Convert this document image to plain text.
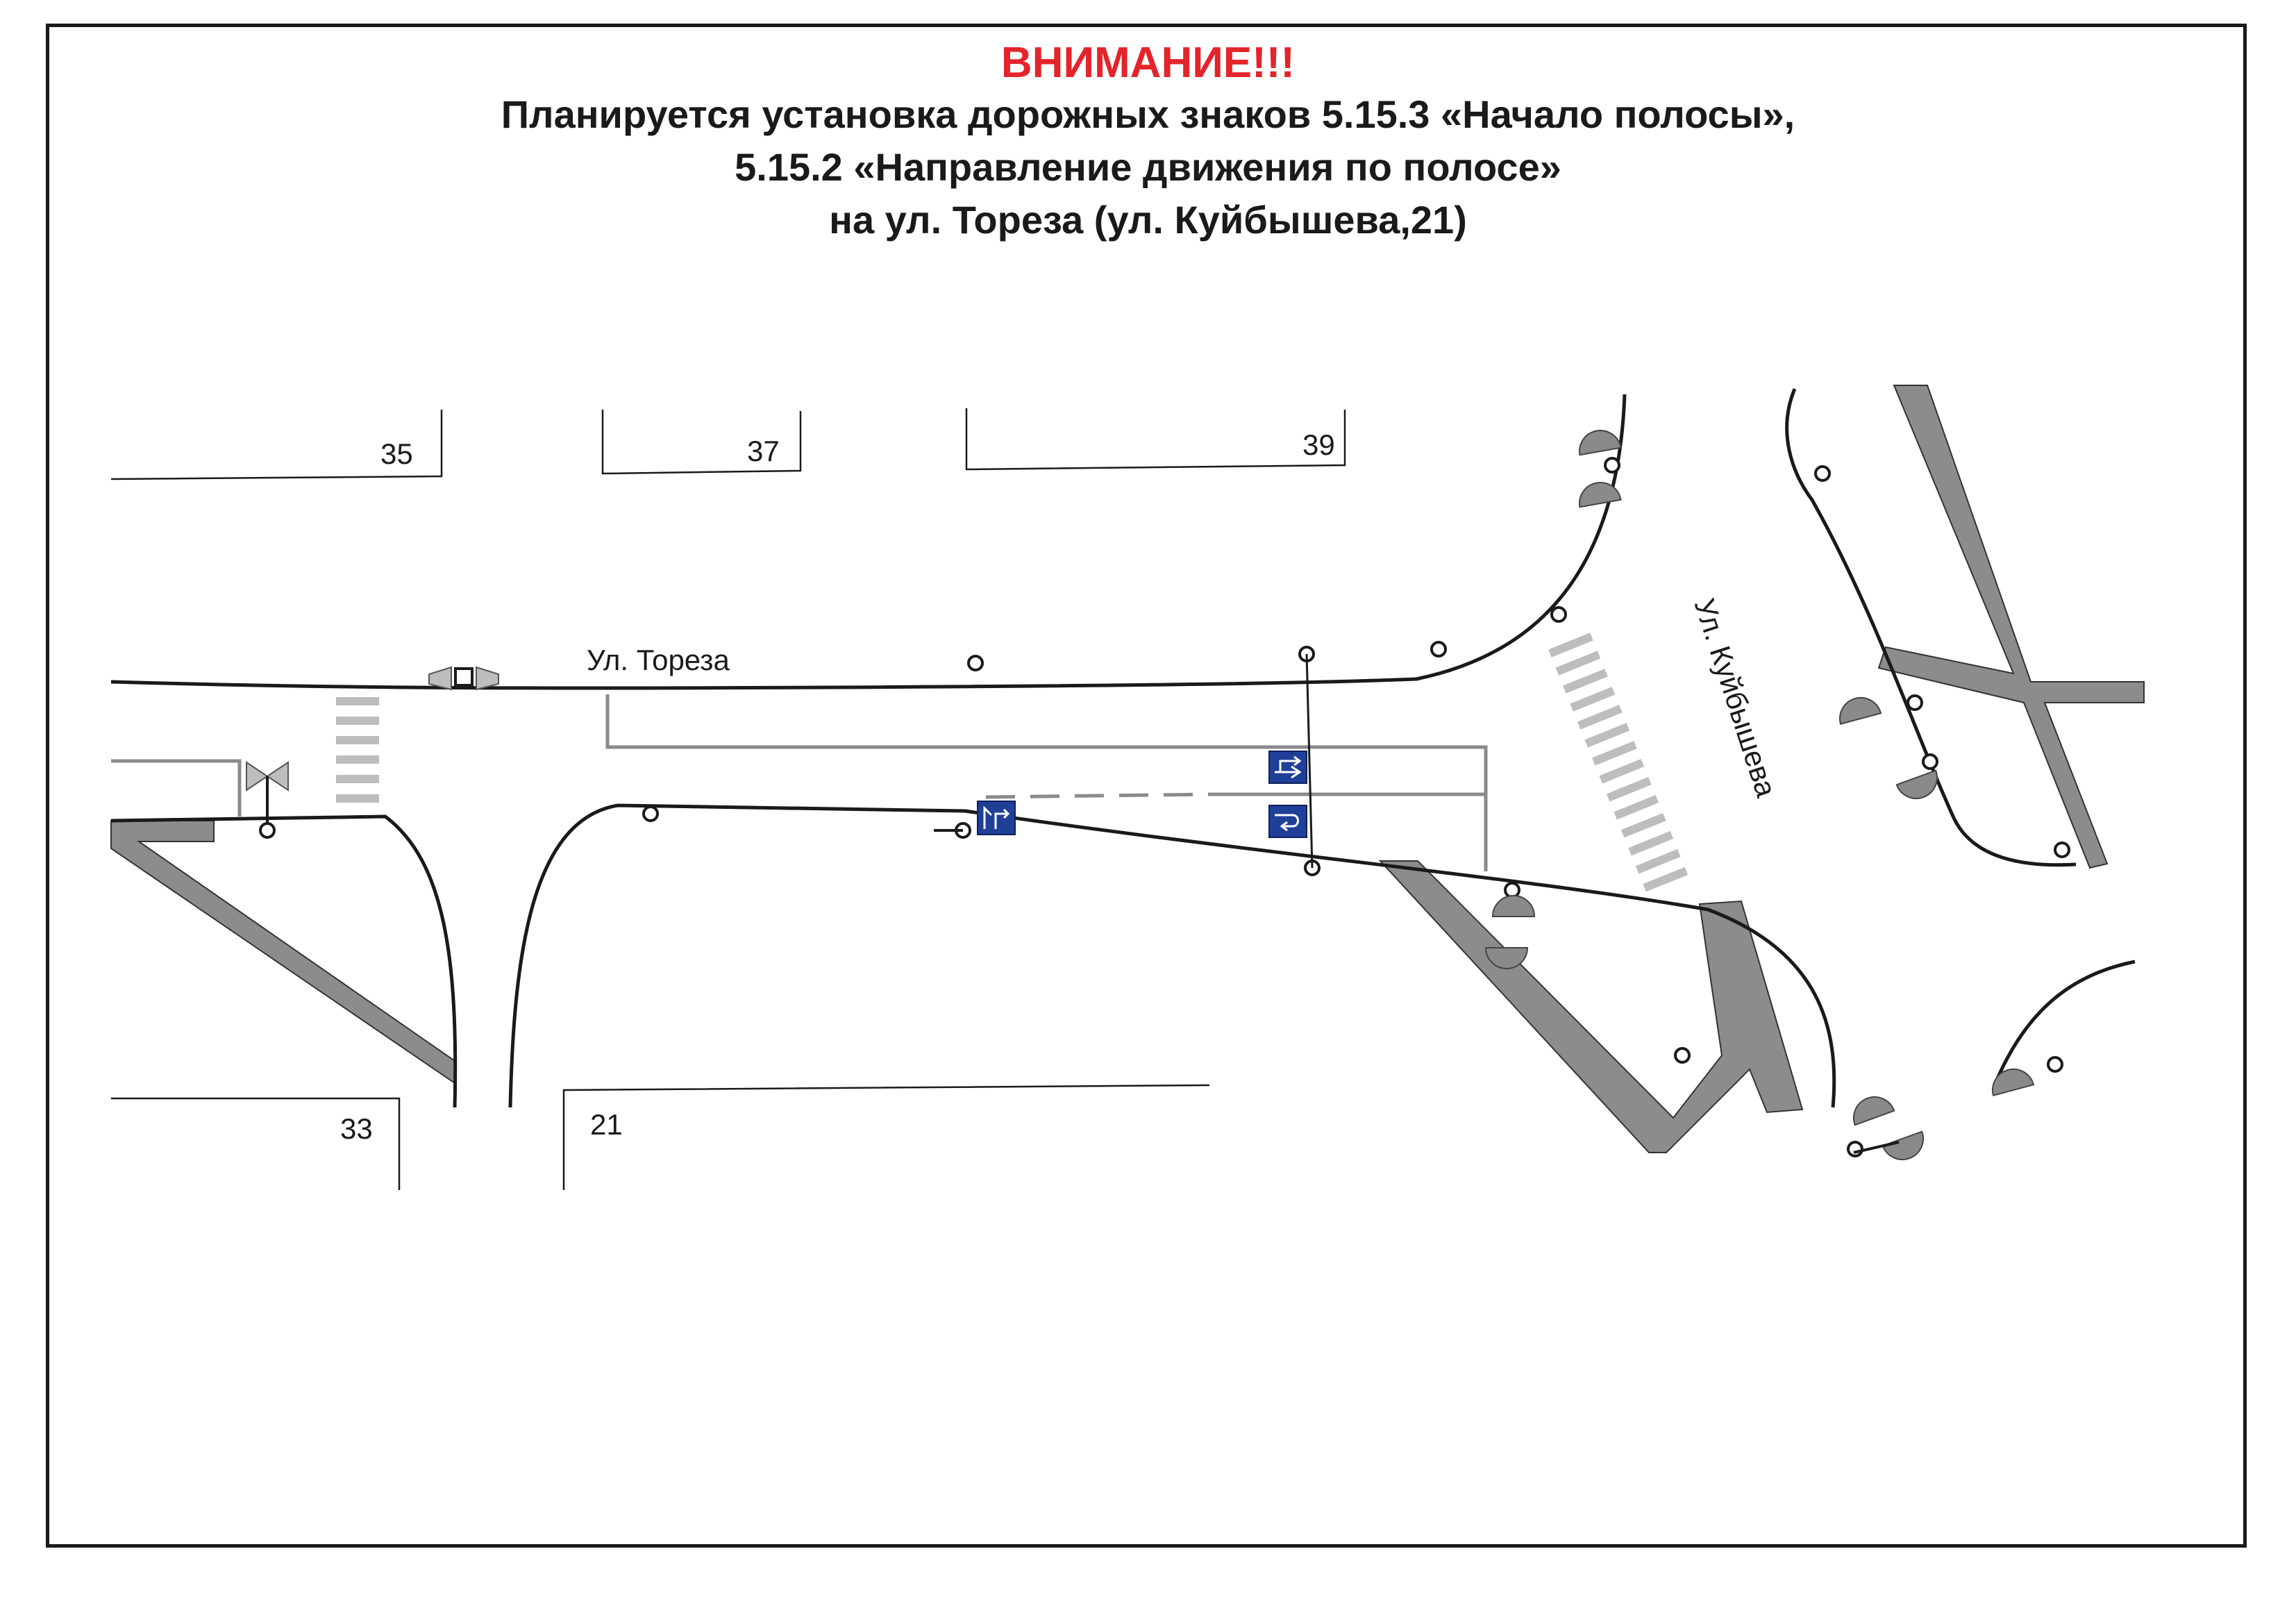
ВНИМАНИЕ!!!
Планируется установка дорожных знаков 5.15.3 «Начало полосы»,
5.15.2 «Направление движения по полосе»
на ул. Тореза (ул. Куйбышева,21)
35	37	39
33	21
Ул. Тореза	Ул. Куйбышева
